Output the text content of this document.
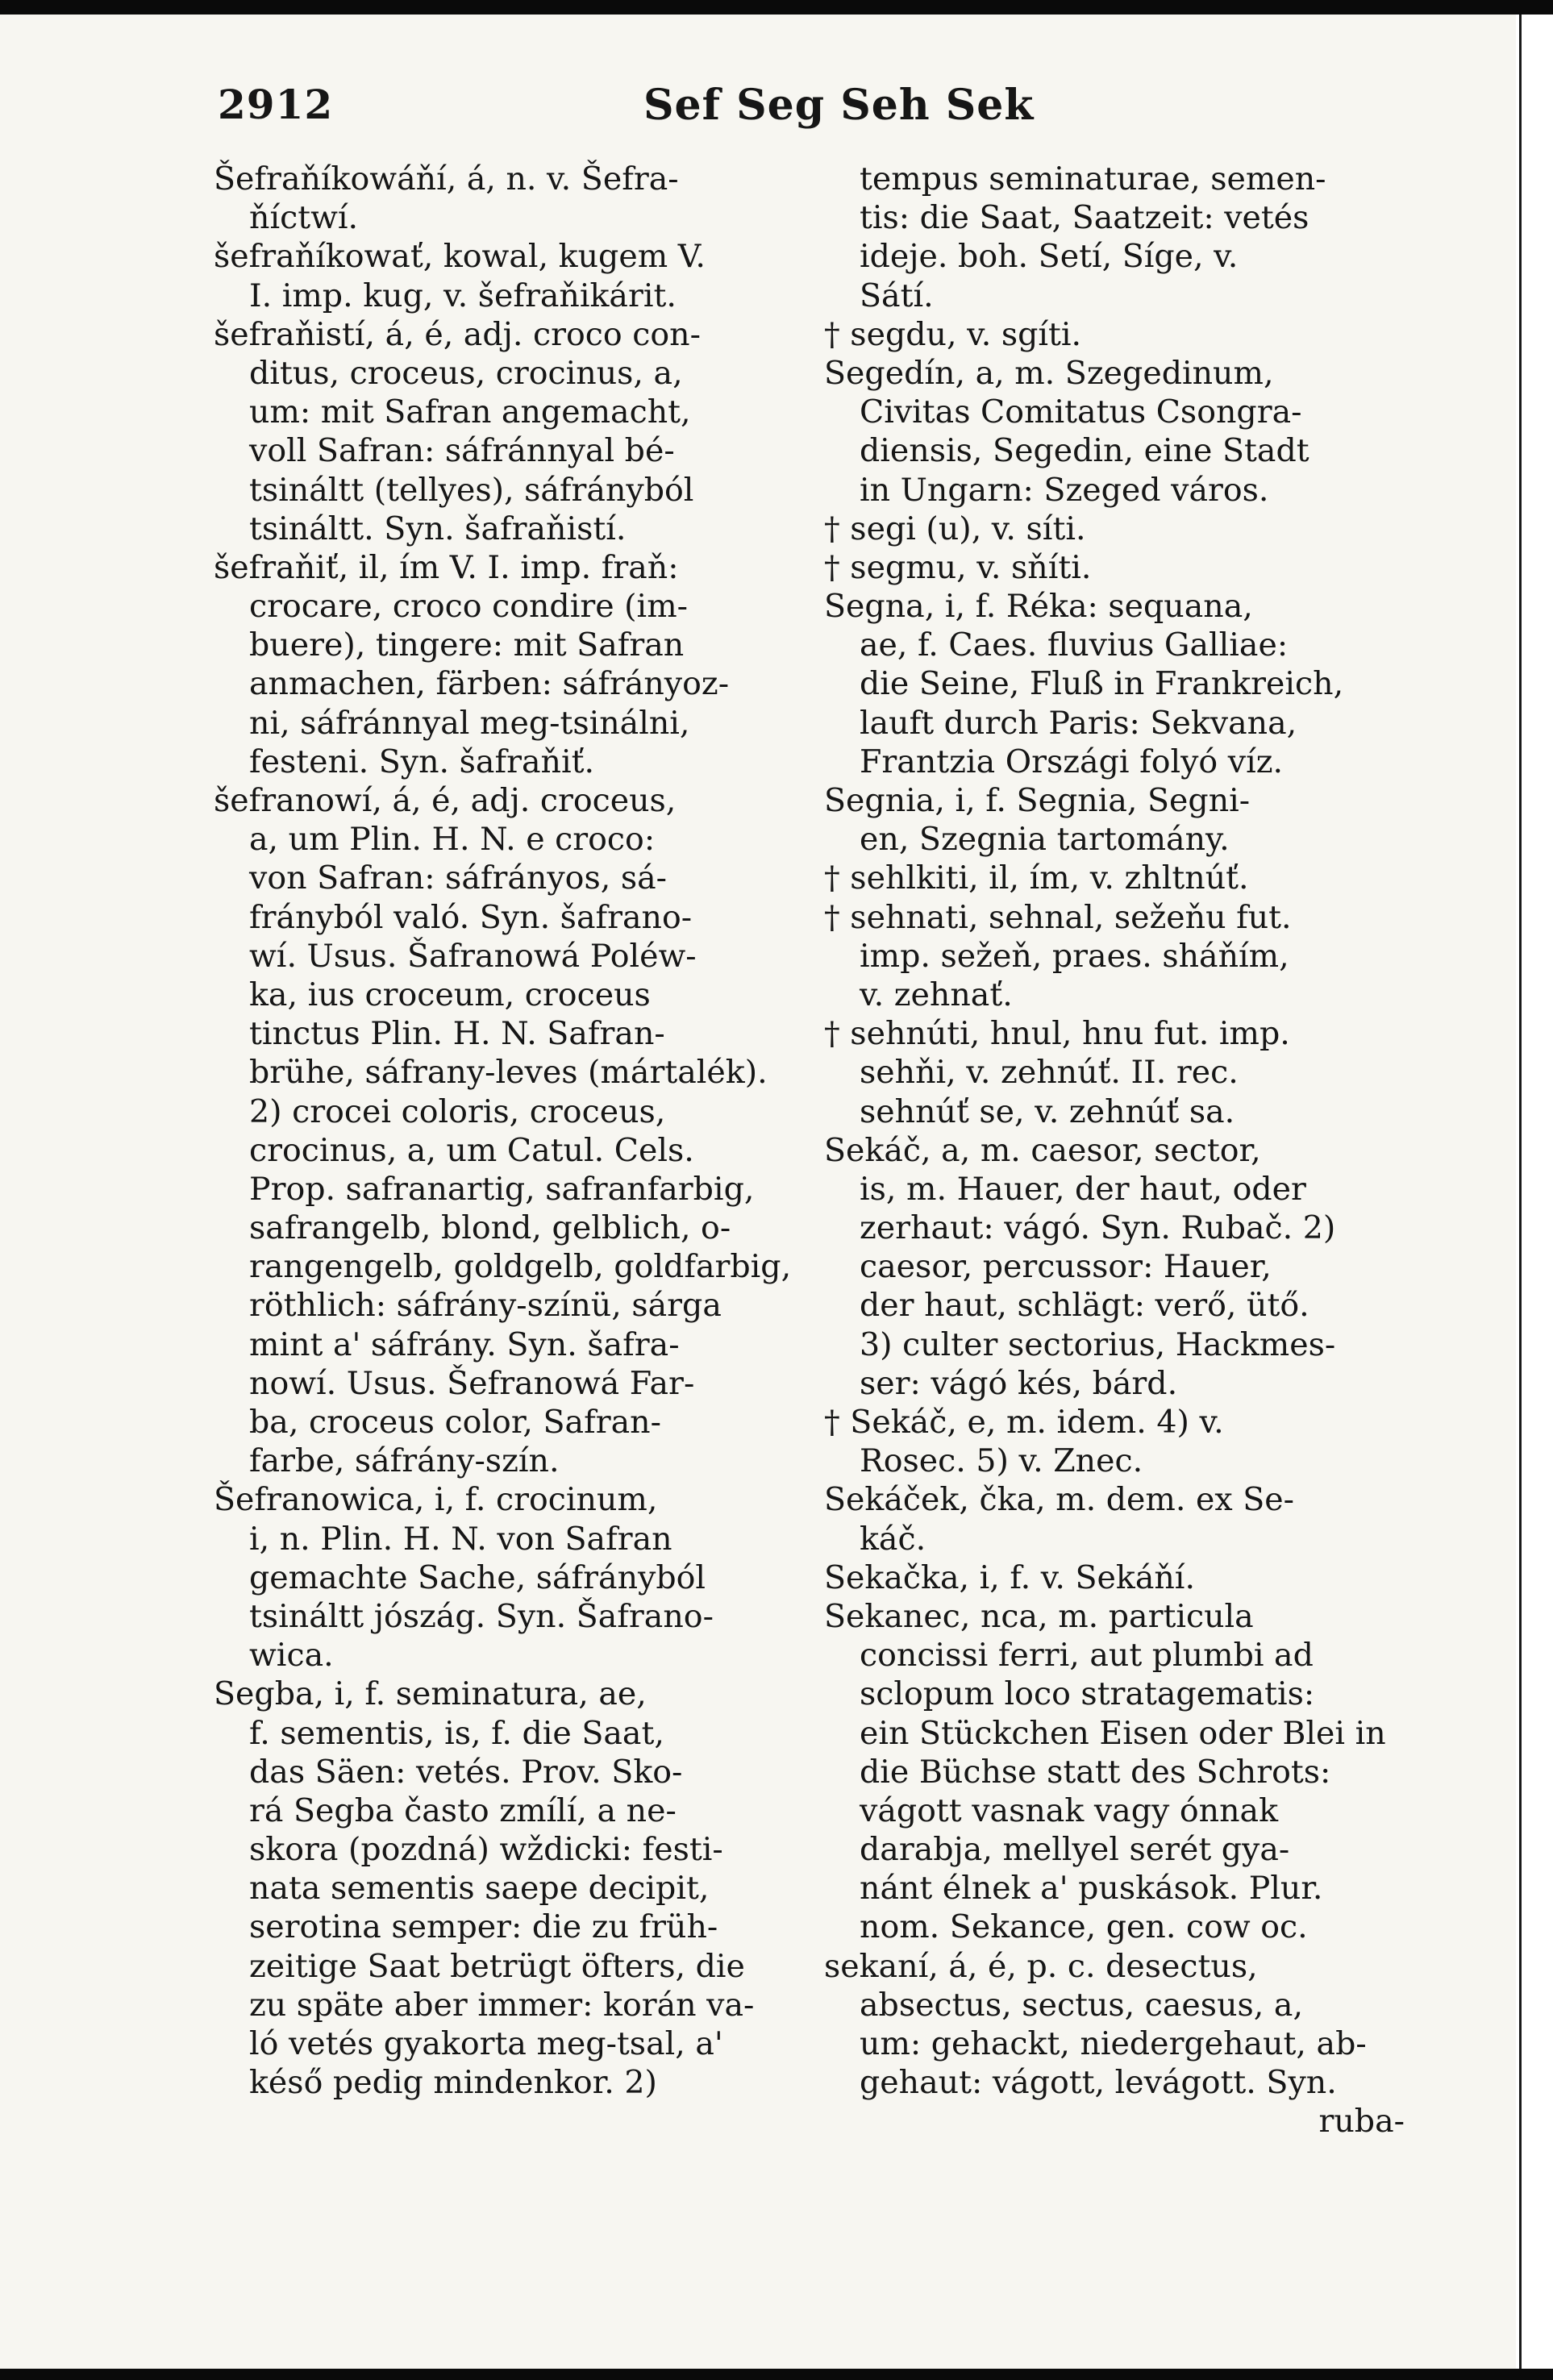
2912	Sef Seg Seh Sek
Šefraňíkowáňí, á, n. v. Šefra-
ňíctwí.
šefraňíkowať, kowal, kugem V.
I. imp. kug, v. šefraňikárit.
šefraňistí, á, é, adj. croco con-
ditus, croceus, crocinus, a,
um: mit Safran angemacht,
voll Safran: sáfránnyal bé-
tsináltt (tellyes), sáfrányból
tsináltt. Syn. šafraňistí.
šefraňiť, il, ím V. I. imp. fraň:
crocare, croco condire (im-
buere), tingere: mit Safran
anmachen, färben: sáfrányoz-
ni, sáfránnyal meg-tsinálni,
festeni. Syn. šafraňiť.
šefranowí, á, é, adj. croceus,
a, um Plin. H. N. e croco:
von Safran: sáfrányos, sá-
frányból való. Syn. šafrano-
wí. Usus. Šafranowá Poléw-
ka, ius croceum, croceus
tinctus Plin. H. N. Safran-
brühe, sáfrany-leves (mártalék).
2) crocei coloris, croceus,
crocinus, a, um Catul. Cels.
Prop. safranartig, safranfarbig,
safrangelb, blond, gelblich, o-
rangengelb, goldgelb, goldfarbig,
röthlich: sáfrány-színü, sárga
mint a' sáfrány. Syn. šafra-
nowí. Usus. Šefranowá Far-
ba, croceus color, Safran-
farbe, sáfrány-szín.
Šefranowica, i, f. crocinum,
i, n. Plin. H. N. von Safran
gemachte Sache, sáfrányból
tsináltt jószág. Syn. Šafrano-
wica.
Segba, i, f. seminatura, ae,
f. sementis, is, f. die Saat,
das Säen: vetés. Prov. Sko-
rá Segba často zmílí, a ne-
skora (pozdná) wždicki: festi-
nata sementis saepe decipit,
serotina semper: die zu früh-
zeitige Saat betrügt öfters, die
zu späte aber immer: korán va-
ló vetés gyakorta meg-tsal, a'
késő pedig mindenkor. 2)
tempus seminaturae, semen-
tis: die Saat, Saatzeit: vetés
ideje. boh. Setí, Síge, v.
Sátí.
† segdu, v. sgíti.
Segedín, a, m. Szegedinum,
Civitas Comitatus Csongra-
diensis, Segedin, eine Stadt
in Ungarn: Szeged város.
† segi (u), v. síti.
† segmu, v. sňíti.
Segna, i, f. Réka: sequana,
ae, f. Caes. fluvius Galliae:
die Seine, Fluß in Frankreich,
lauft durch Paris: Sekvana,
Frantzia Országi folyó víz.
Segnia, i, f. Segnia, Segni-
en, Szegnia tartomány.
† sehlkiti, il, ím, v. zhltnúť.
† sehnati, sehnal, sežeňu fut.
imp. sežeň, praes. sháňím,
v. zehnať.
† sehnúti, hnul, hnu fut. imp.
sehňi, v. zehnúť. II. rec.
sehnúť se, v. zehnúť sa.
Sekáč, a, m. caesor, sector,
is, m. Hauer, der haut, oder
zerhaut: vágó. Syn. Rubač. 2)
caesor, percussor: Hauer,
der haut, schlägt: verő, ütő.
3) culter sectorius, Hackmes-
ser: vágó kés, bárd.
† Sekáč, e, m. idem. 4) v.
Rosec. 5) v. Znec.
Sekáček, čka, m. dem. ex Se-
káč.
Sekačka, i, f. v. Sekáňí.
Sekanec, nca, m. particula
concissi ferri, aut plumbi ad
sclopum loco stratagematis:
ein Stückchen Eisen oder Blei in
die Büchse statt des Schrots:
vágott vasnak vagy ónnak
darabja, mellyel serét gya-
nánt élnek a' puskások. Plur.
nom. Sekance, gen. cow oc.
sekaní, á, é, p. c. desectus,
absectus, sectus, caesus, a,
um: gehackt, niedergehaut, ab-
gehaut: vágott, levágott. Syn.
ruba-
